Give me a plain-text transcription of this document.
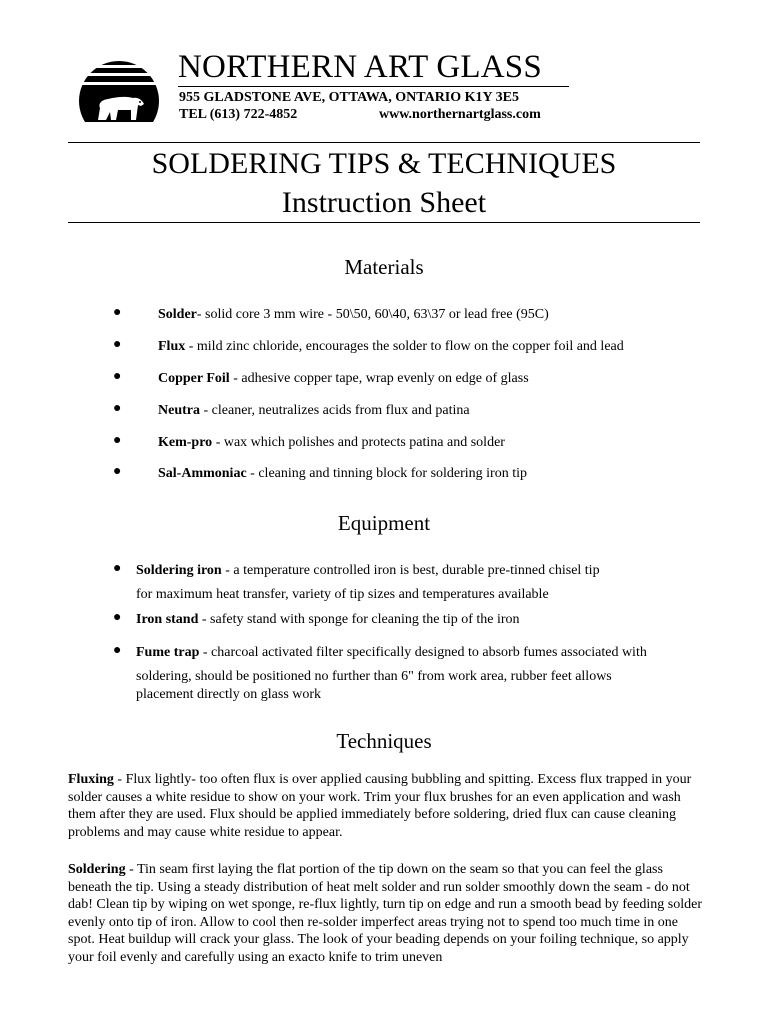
NORTHERN ART GLASS
955 GLADSTONE AVE, OTTAWA, ONTARIO K1Y 3E5
TEL (613) 722-4852	www.northernartglass.com
SOLDERING TIPS & TECHNIQUES
Instruction Sheet
Materials
●	Solder- solid core 3 mm wire - 50\50, 60\40, 63\37 or lead free (95C)
●	Flux - mild zinc chloride, encourages the solder to flow on the copper foil and lead
●	Copper Foil - adhesive copper tape, wrap evenly on edge of glass
●	Neutra - cleaner, neutralizes acids from flux and patina
●	Kem-pro - wax which polishes and protects patina and solder
●	Sal-Ammoniac - cleaning and tinning block for soldering iron tip
Equipment
● Soldering iron - a temperature controlled iron is best, durable pre-tinned chisel tip
for maximum heat transfer, variety of tip sizes and temperatures available
● Iron stand - safety stand with sponge for cleaning the tip of the iron
● Fume trap - charcoal activated filter specifically designed to absorb fumes associated with
soldering, should be positioned no further than 6" from work area, rubber feet allows
placement directly on glass work
Techniques
Fluxing - Flux lightly- too often flux is over applied causing bubbling and spitting. Excess flux trapped in your solder causes a white residue to show on your work. Trim your flux brushes for an even application and wash them after they are used. Flux should be applied immediately before soldering, dried flux can cause cleaning problems and may cause white residue to appear.
Soldering - Tin seam first laying the flat portion of the tip down on the seam so that you can feel the glass beneath the tip. Using a steady distribution of heat melt solder and run solder smoothly down the seam - do not dab! Clean tip by wiping on wet sponge, re-flux lightly, turn tip on edge and run a smooth bead by feeding solder evenly onto tip of iron. Allow to cool then re-solder imperfect areas trying not to spend too much time in one spot. Heat buildup will crack your glass. The look of your beading depends on your foiling technique, so apply your foil evenly and carefully using an exacto knife to trim uneven
